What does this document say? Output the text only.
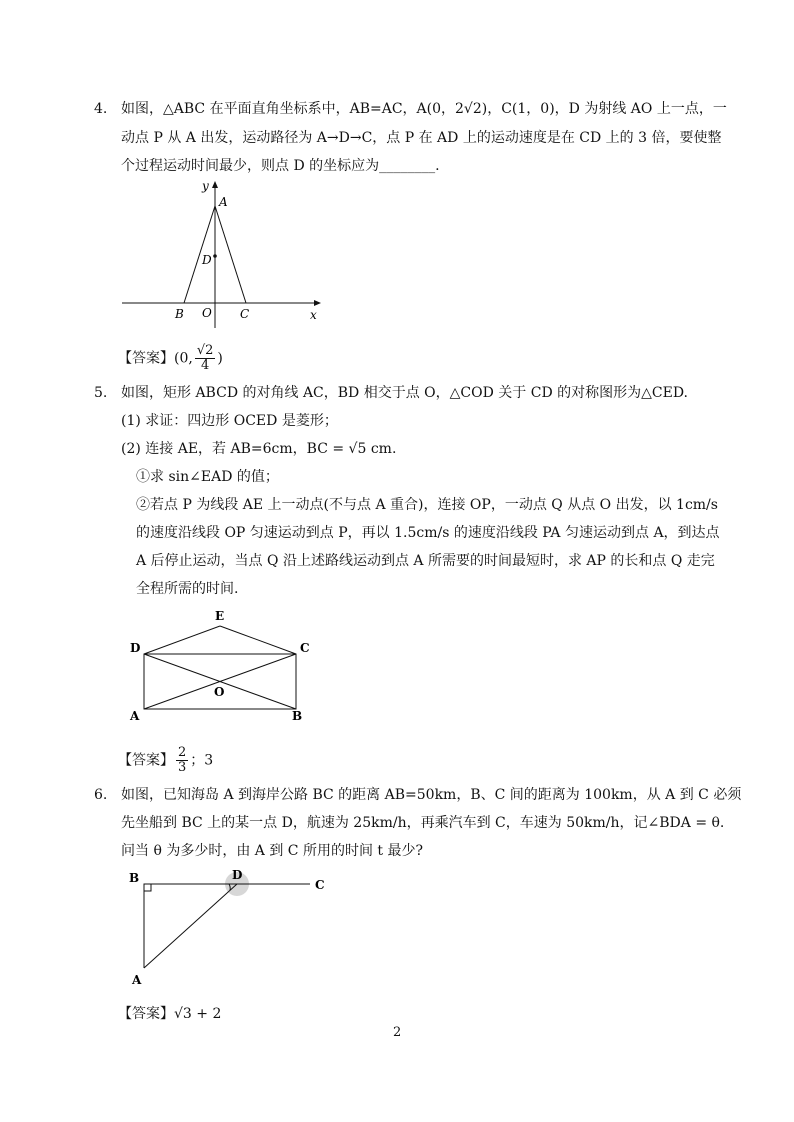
4. 如图，△ABC 在平面直角坐标系中，AB=AC，A(0，2√2)，C(1，0)，D 为射线 AO 上一点，一
动点 P 从 A 出发，运动路径为 A→D→C，点 P 在 AD 上的运动速度是在 CD 上的 3 倍，要使整
个过程运动时间最少，则点 D 的坐标应为________.
y
A
D
B O C	x
【答案】(0, $\frac{√2}{4}$ )
5. 如图，矩形 ABCD 的对角线 AC，BD 相交于点 O，△COD 关于 CD 的对称图形为△CED.
(1) 求证：四边形 OCED 是菱形；
(2) 连接 AE，若 AB=6cm，BC = √5 cm.
①求 sin∠EAD 的值；
②若点 P 为线段 AE 上一动点(不与点 A 重合)，连接 OP，一动点 Q 从点 O 出发，以 1cm/s
的速度沿线段 OP 匀速运动到点 P，再以 1.5cm/s 的速度沿线段 PA 匀速运动到点 A，到达点
A 后停止运动，当点 Q 沿上述路线运动到点 A 所需要的时间最短时，求 AP 的长和点 Q 走完
全程所需的时间.
E
D	C
O
A	B
【答案】 $\frac{2}{3}$ ；3
6. 如图，已知海岛 A 到海岸公路 BC 的距离 AB=50km，B、C 间的距离为 100km，从 A 到 C 必须
先坐船到 BC 上的某一点 D，航速为 25km/h，再乘汽车到 C，车速为 50km/h，记∠BDA = θ.
问当 θ 为多少时，由 A 到 C 所用的时间 t 最少?
B	D
C
A
【答案】√3 + 2
2
